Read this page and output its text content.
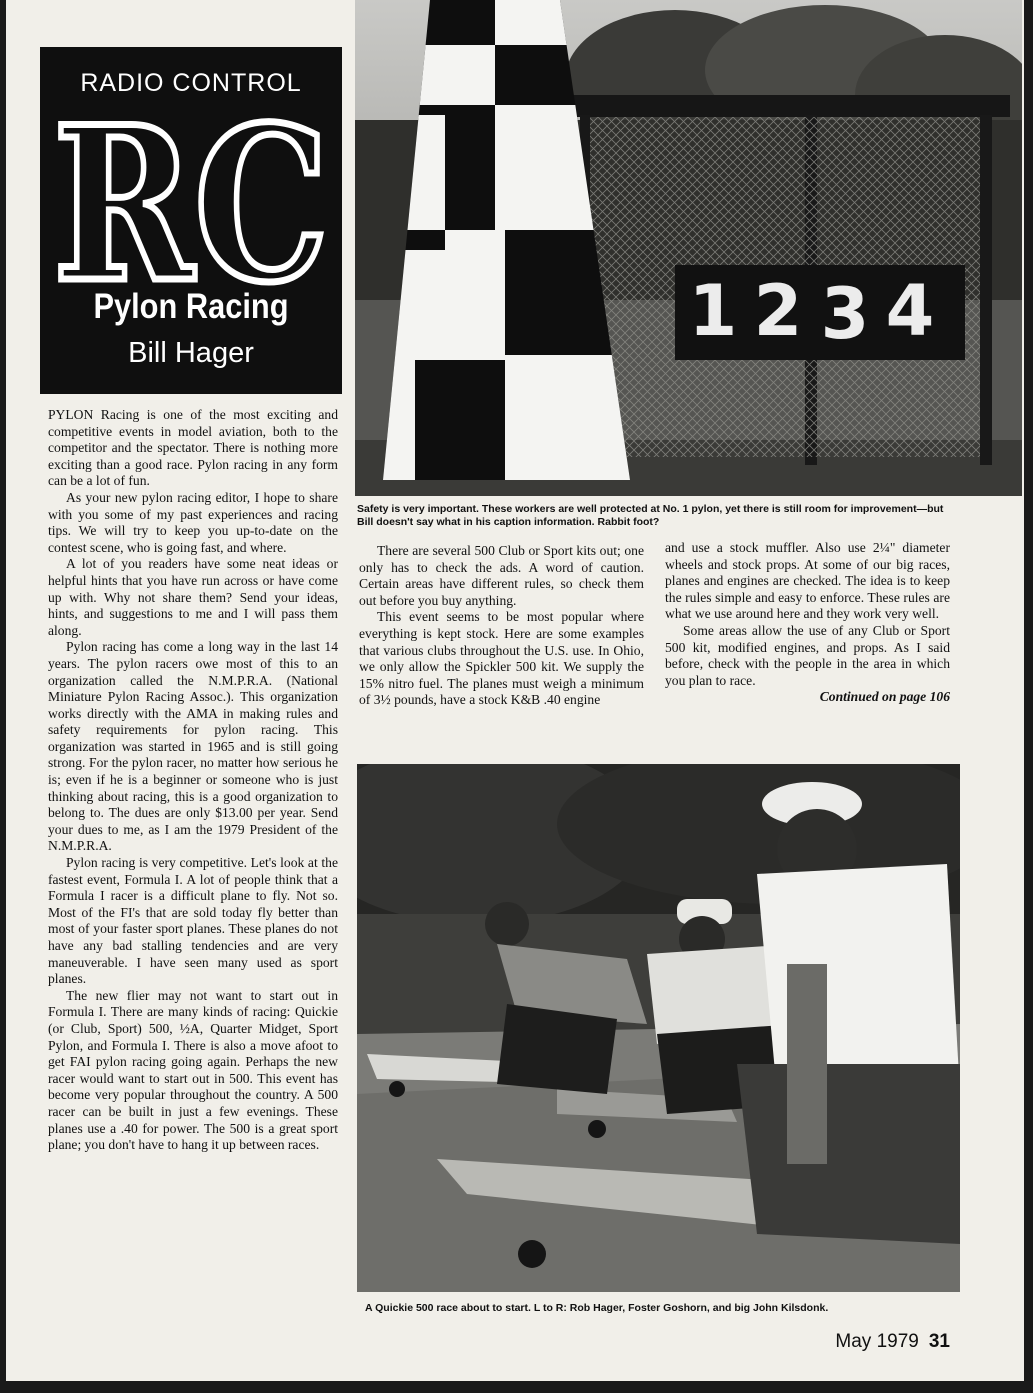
RADIO CONTROL
RC
Pylon Racing
Bill Hager
1 2 3 4
Safety is very important. These workers are well protected at No. 1 pylon, yet there is still room for improvement—but Bill doesn't say what in his caption information. Rabbit foot?

PYLON Racing is one of the most exciting and competitive events in model aviation, both to the competitor and the spectator. There is nothing more exciting than a good race. Pylon racing in any form can be a lot of fun.

As your new pylon racing editor, I hope to share with you some of my past experiences and racing tips. We will try to keep you up-to-date on the contest scene, who is going fast, and where.

A lot of you readers have some neat ideas or helpful hints that you have run across or have come up with. Why not share them? Send your ideas, hints, and suggestions to me and I will pass them along.

Pylon racing has come a long way in the last 14 years. The pylon racers owe most of this to an organization called the N.M.P.R.A. (National Miniature Pylon Racing Assoc.). This organization works directly with the AMA in making rules and safety requirements for pylon racing. This organization was started in 1965 and is still going strong. For the pylon racer, no matter how serious he is; even if he is a beginner or someone who is just thinking about racing, this is a good organization to belong to. The dues are only $13.00 per year. Send your dues to me, as I am the 1979 President of the N.M.P.R.A.

Pylon racing is very competitive. Let's look at the fastest event, Formula I. A lot of people think that a Formula I racer is a difficult plane to fly. Not so. Most of the FI's that are sold today fly better than most of your faster sport planes. These planes do not have any bad stalling tendencies and are very maneuverable. I have seen many used as sport planes.

The new flier may not want to start out in Formula I. There are many kinds of racing: Quickie (or Club, Sport) 500, ½A, Quarter Midget, Sport Pylon, and Formula I. There is also a move afoot to get FAI pylon racing going again. Perhaps the new racer would want to start out in 500. This event has become very popular throughout the country. A 500 racer can be built in just a few evenings. These planes use a .40 for power. The 500 is a great sport plane; you don't have to hang it up between races.

There are several 500 Club or Sport kits out; one only has to check the ads. A word of caution. Certain areas have different rules, so check them out before you buy anything.

This event seems to be most popular where everything is kept stock. Here are some examples that various clubs throughout the U.S. use. In Ohio, we only allow the Spickler 500 kit. We supply the 15% nitro fuel. The planes must weigh a minimum of 3½ pounds, have a stock K&B .40 engine

and use a stock muffler. Also use 2¼" diameter wheels and stock props. At some of our big races, planes and engines are checked. The idea is to keep the rules simple and easy to enforce. These rules are what we use around here and they work very well.

Some areas allow the use of any Club or Sport 500 kit, modified engines, and props. As I said before, check with the people in the area in which you plan to race.

Continued on page 106

A Quickie 500 race about to start. L to R: Rob Hager, Foster Goshorn, and big John Kilsdonk.
May 1979 31
